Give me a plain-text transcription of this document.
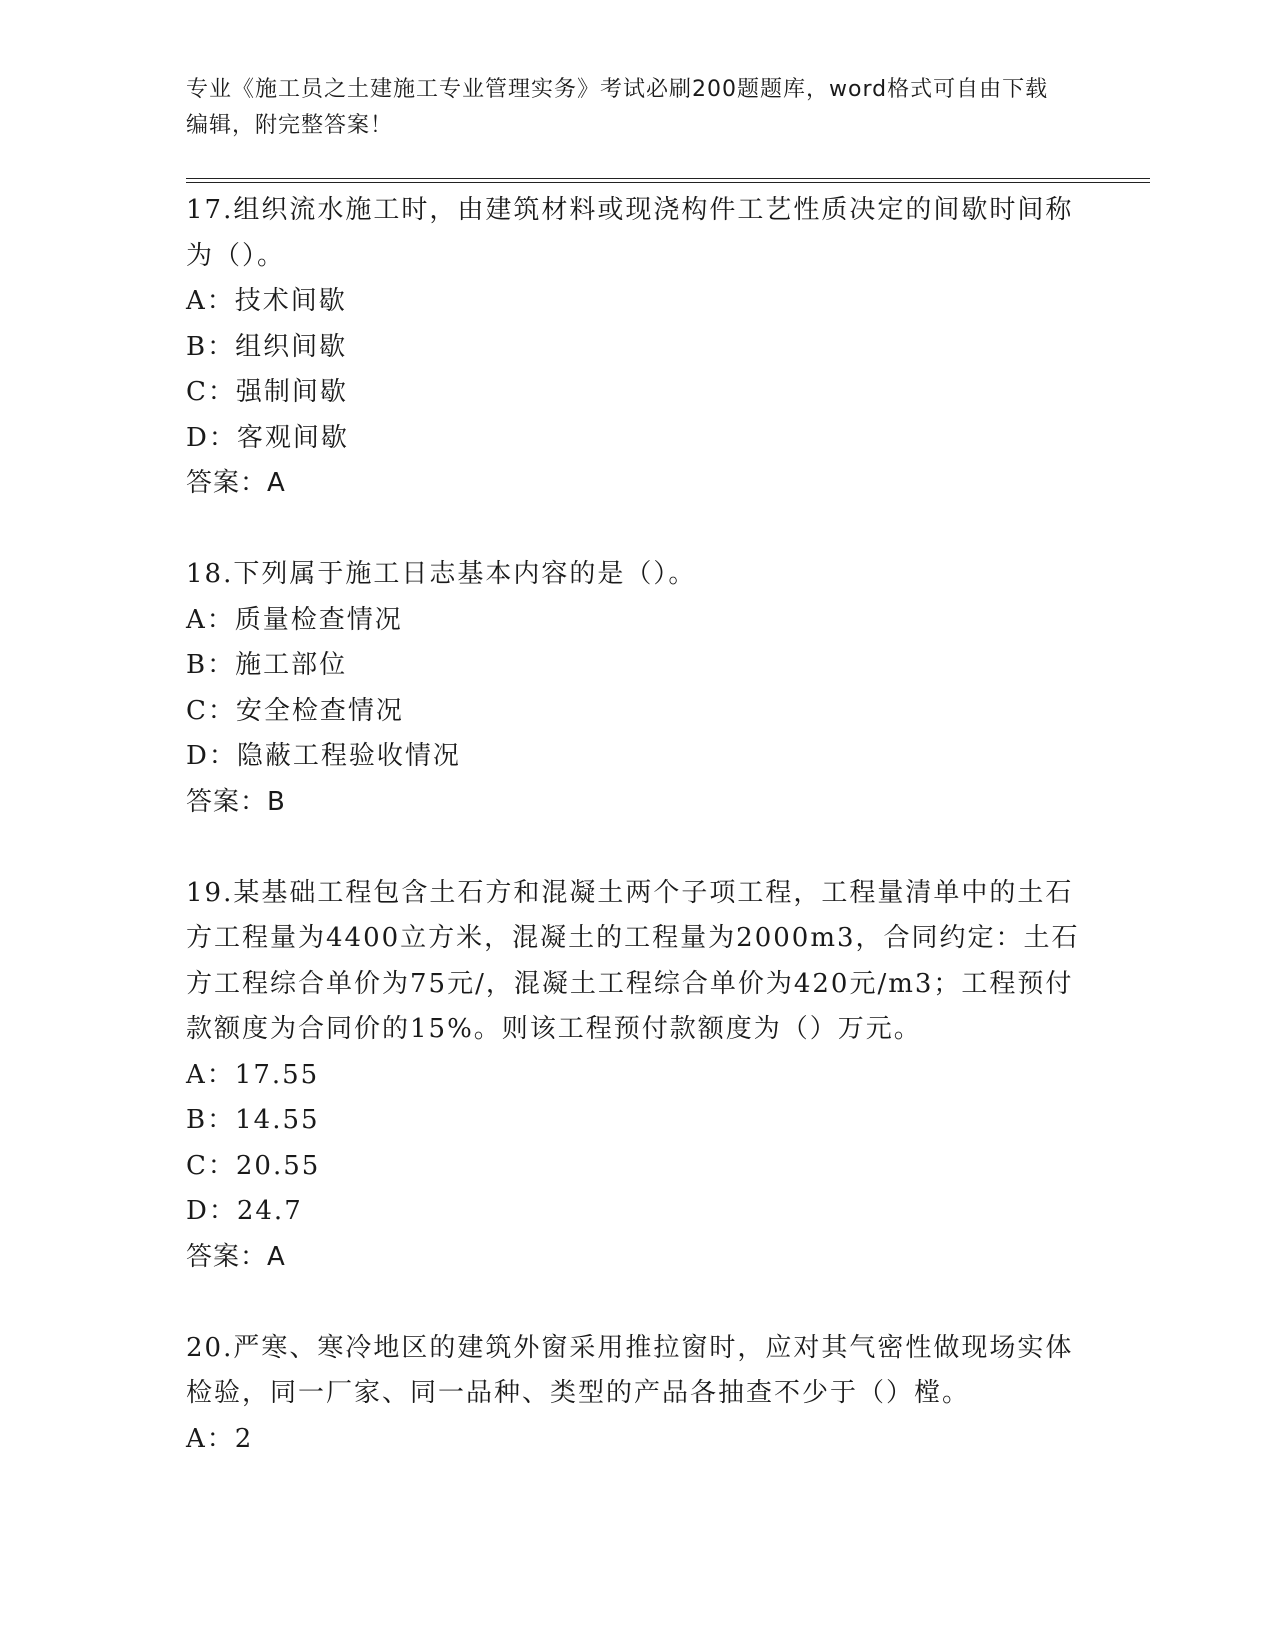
专业《施工员之土建施工专业管理实务》考试必刷200题题库，word格式可自由下载编辑，附完整答案！

17.组织流水施工时，由建筑材料或现浇构件工艺性质决定的间歇时间称为（）。

A：技术间歇

B：组织间歇

C：强制间歇

D：客观间歇

答案：A

18.下列属于施工日志基本内容的是（）。

A：质量检查情况

B：施工部位

C：安全检查情况

D：隐蔽工程验收情况

答案：B

19.某基础工程包含土石方和混凝土两个子项工程，工程量清单中的土石方工程量为4400立方米，混凝土的工程量为2000m3，合同约定：土石方工程综合单价为75元/，混凝土工程综合单价为420元/m3；工程预付款额度为合同价的15%。则该工程预付款额度为（）万元。

A：17.55

B：14.55

C：20.55

D：24.7

答案：A

20.严寒、寒冷地区的建筑外窗采用推拉窗时，应对其气密性做现场实体检验，同一厂家、同一品种、类型的产品各抽查不少于（）樘。

A：2
